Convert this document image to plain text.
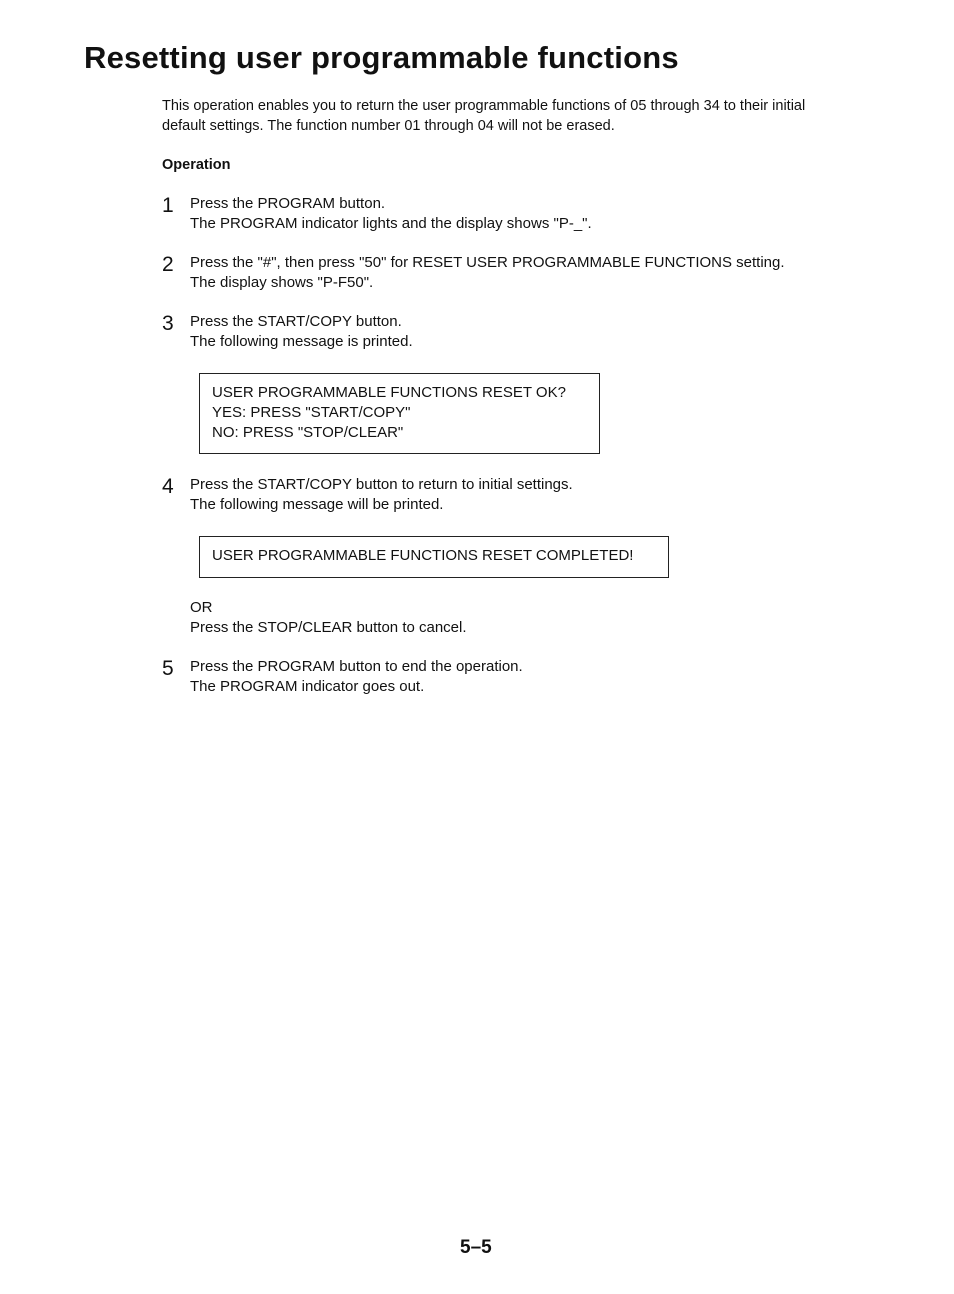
Resetting user programmable functions

This operation enables you to return the user programmable functions of 05 through 34 to their initial

default settings. The function number 01 through 04 will not be erased.

Operation
1 Press the PROGRAM button.

The PROGRAM indicator lights and the display shows "P-_".

2 Press the "#", then press "50" for RESET USER PROGRAMMABLE FUNCTIONS setting.

The display shows "P-F50".

3 Press the START/COPY button.

The following message is printed.

USER PROGRAMMABLE FUNCTIONS RESET OK?

YES: PRESS "START/COPY"

NO: PRESS "STOP/CLEAR"

4 Press the START/COPY button to return to initial settings.

The following message will be printed.

USER PROGRAMMABLE FUNCTIONS RESET COMPLETED!

OR

Press the STOP/CLEAR button to cancel.

5 Press the PROGRAM button to end the operation.

The PROGRAM indicator goes out.

5–5
